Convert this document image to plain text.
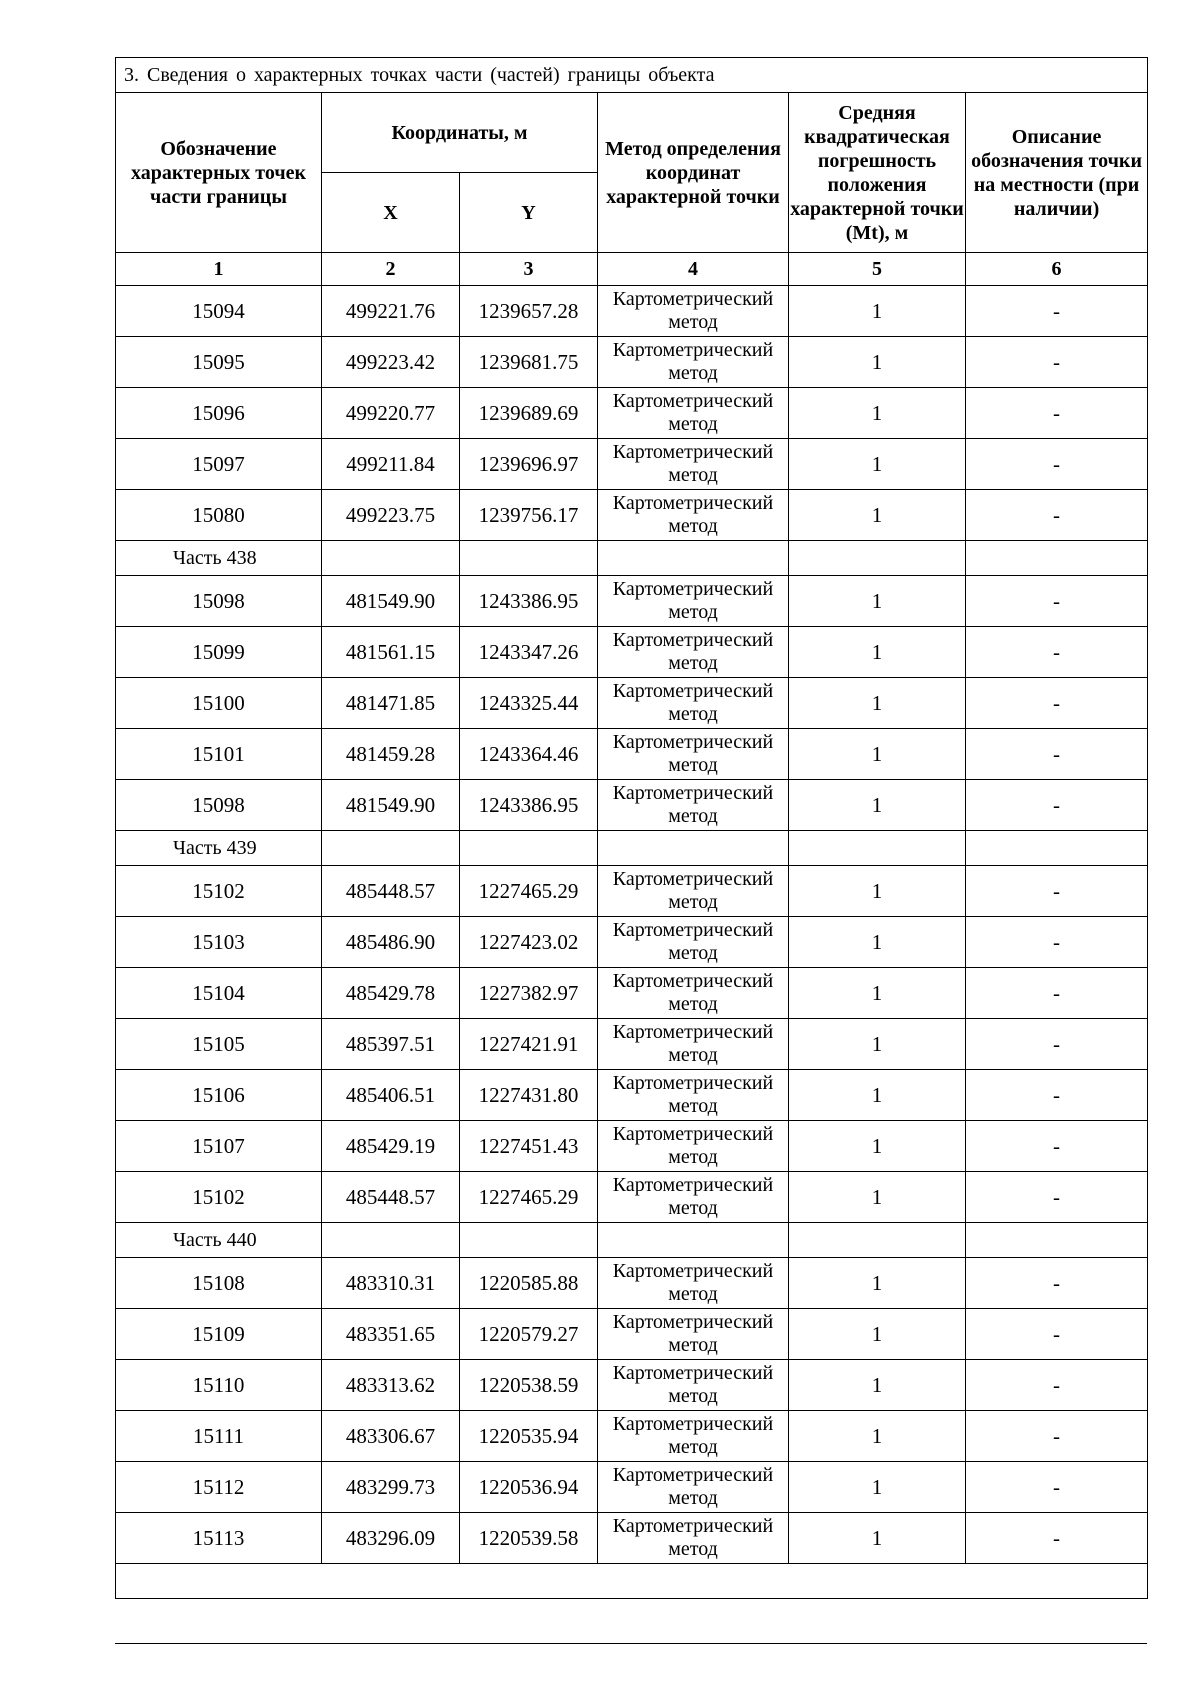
3. Сведения о характерных точках части (частей) границы объекта					
Обозначение характерных точек части границы	Координаты, м		Метод определения координат характерной точки	Средняя квадратическая погрешность положения характерной точки (Mt), м	Описание обозначения точки на местности (при наличии)
	X	Y			
1	2	3	4	5	6
15094	499221.76	1239657.28	Картометрический метод	1	-
15095	499223.42	1239681.75	Картометрический метод	1	-
15096	499220.77	1239689.69	Картометрический метод	1	-
15097	499211.84	1239696.97	Картометрический метод	1	-
15080	499223.75	1239756.17	Картометрический метод	1	-
Часть 438					
15098	481549.90	1243386.95	Картометрический метод	1	-
15099	481561.15	1243347.26	Картометрический метод	1	-
15100	481471.85	1243325.44	Картометрический метод	1	-
15101	481459.28	1243364.46	Картометрический метод	1	-
15098	481549.90	1243386.95	Картометрический метод	1	-
Часть 439					
15102	485448.57	1227465.29	Картометрический метод	1	-
15103	485486.90	1227423.02	Картометрический метод	1	-
15104	485429.78	1227382.97	Картометрический метод	1	-
15105	485397.51	1227421.91	Картометрический метод	1	-
15106	485406.51	1227431.80	Картометрический метод	1	-
15107	485429.19	1227451.43	Картометрический метод	1	-
15102	485448.57	1227465.29	Картометрический метод	1	-
Часть 440					
15108	483310.31	1220585.88	Картометрический метод	1	-
15109	483351.65	1220579.27	Картометрический метод	1	-
15110	483313.62	1220538.59	Картометрический метод	1	-
15111	483306.67	1220535.94	Картометрический метод	1	-
15112	483299.73	1220536.94	Картометрический метод	1	-
15113	483296.09	1220539.58	Картометрический метод	1	-
